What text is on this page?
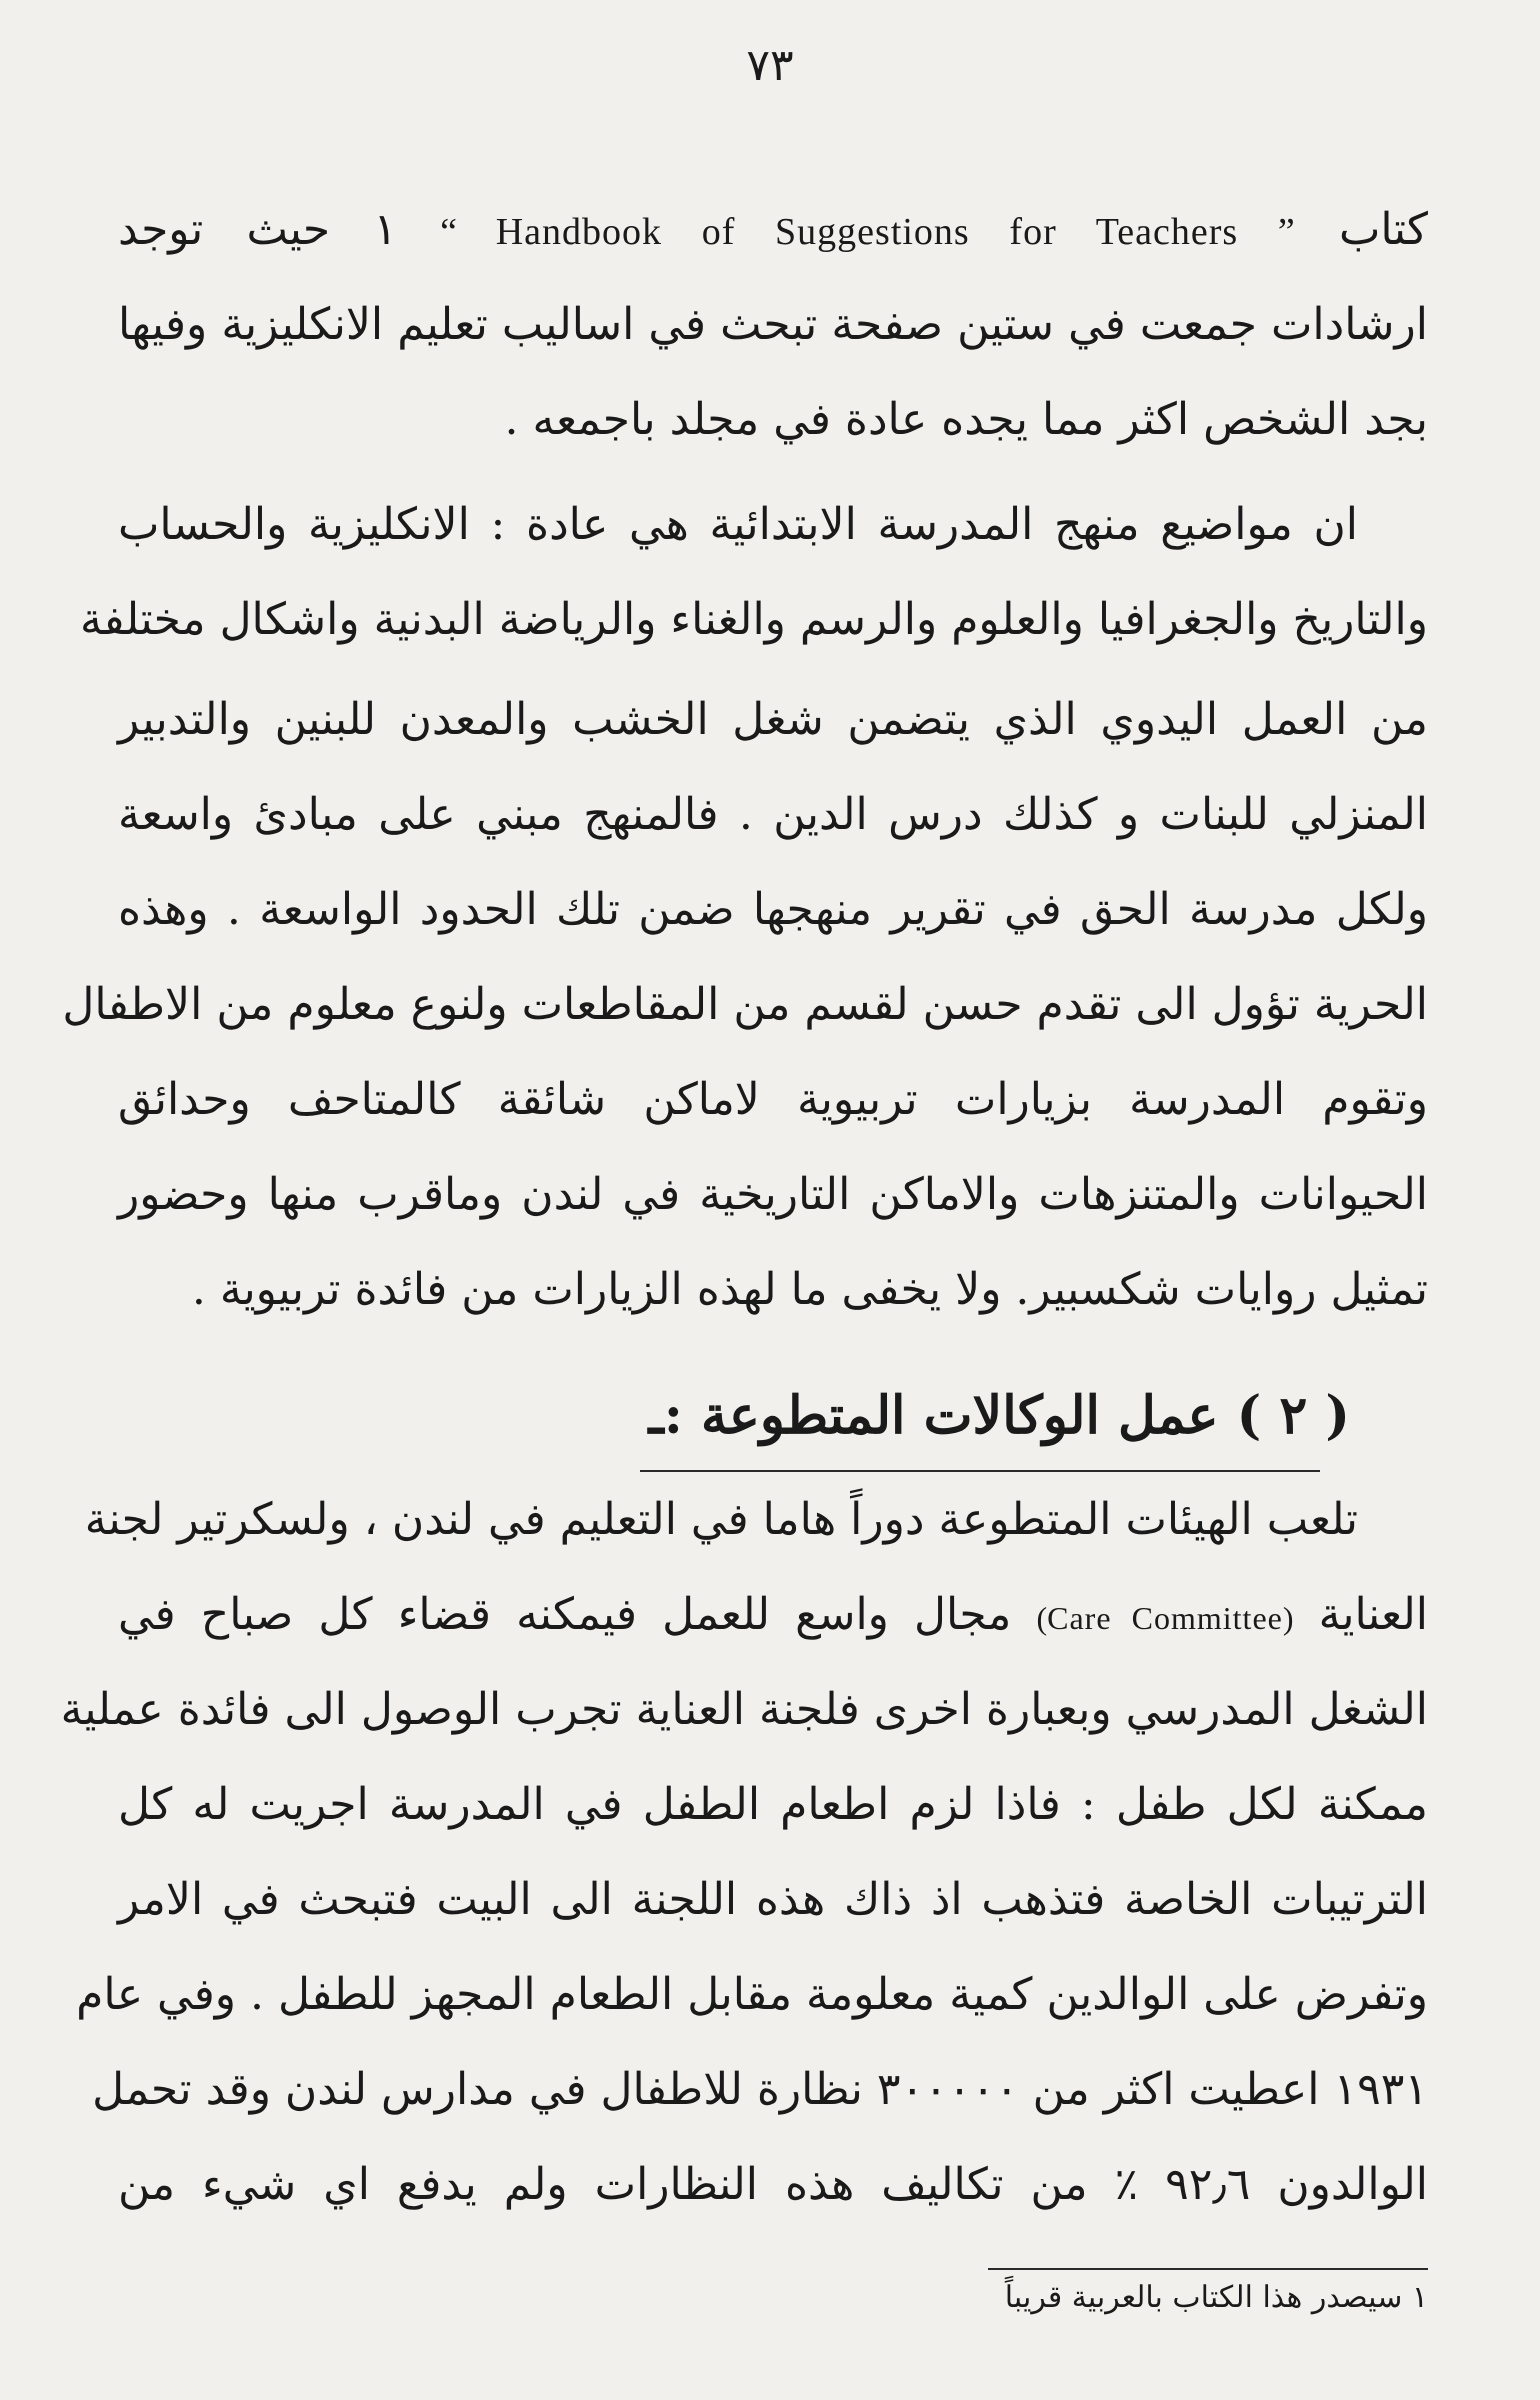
٧٣
كتاب “ Handbook of Suggestions for Teachers ” ١ حيث توجد
ارشادات جمعت في ستين صفحة تبحث في اساليب تعليم الانكليزية وفيها
بجد الشخص اكثر مما يجده عادة في مجلد باجمعه .
ان مواضيع منهج المدرسة الابتدائية هي عادة : الانكليزية والحساب
والتاريخ والجغرافيا والعلوم والرسم والغناء والرياضة البدنية واشكال مختلفة
من العمل اليدوي الذي يتضمن شغل الخشب والمعدن للبنين والتدبير
المنزلي للبنات و كذلك درس الدين . فالمنهج مبني على مبادئ واسعة
ولكل مدرسة الحق في تقرير منهجها ضمن تلك الحدود الواسعة . وهذه
الحرية تؤول الى تقدم حسن لقسم من المقاطعات ولنوع معلوم من الاطفال
وتقوم المدرسة بزيارات تربيوية لاماكن شائقة كالمتاحف وحدائق
الحيوانات والمتنزهات والاماكن التاريخية في لندن وماقرب منها وحضور
تمثيل روايات شكسبير. ولا يخفى ما لهذه الزيارات من فائدة تربيوية .
( ٢ ) عمل الوكالات المتطوعة :ـ
تلعب الهيئات المتطوعة دوراً هاما في التعليم في لندن ، ولسكرتير لجنة
العناية (Care Committee) مجال واسع للعمل فيمكنه قضاء كل صباح في
الشغل المدرسي وبعبارة اخرى فلجنة العناية تجرب الوصول الى فائدة عملية
ممكنة لكل طفل : فاذا لزم اطعام الطفل في المدرسة اجريت له كل
الترتيبات الخاصة فتذهب اذ ذاك هذه اللجنة الى البيت فتبحث في الامر
وتفرض على الوالدين كمية معلومة مقابل الطعام المجهز للطفل . وفي عام
١٩٣١ اعطيت اكثر من ٣٠٠٠٠٠ نظارة للاطفال في مدارس لندن وقد تحمل
الوالدون ٩٢٫٦ ٪ من تكاليف هذه النظارات ولم يدفع اي شيء من
١ سيصدر هذا الكتاب بالعربية قريباً
